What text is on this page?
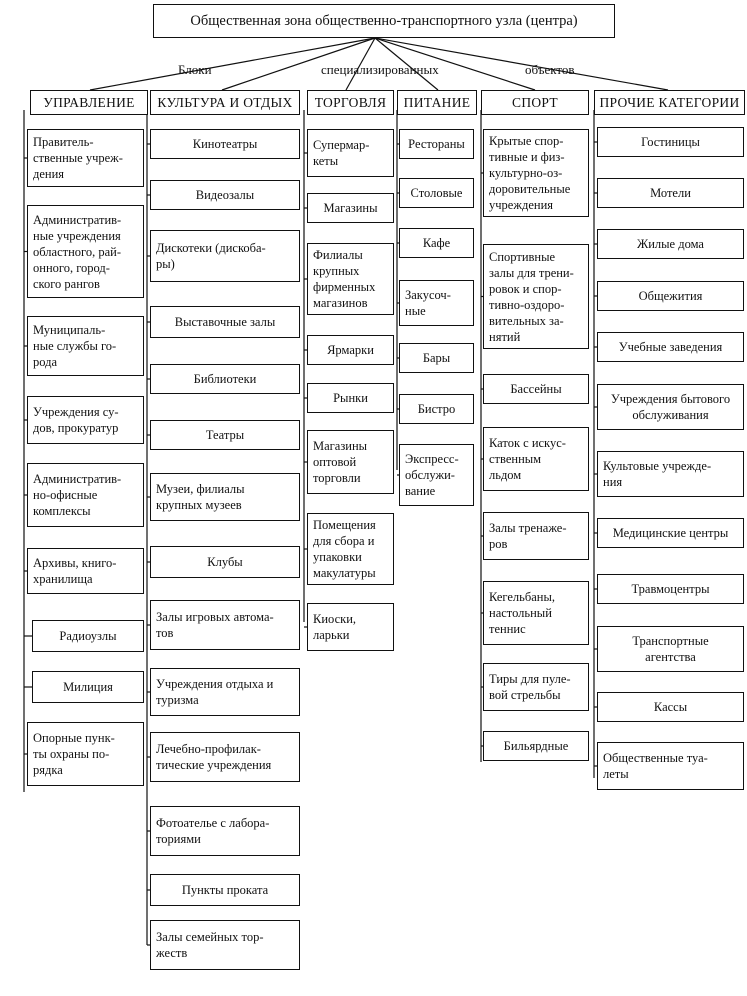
Общественная зона общественно-транспортного узла (центра)
Блоки	специализированных	объектов
УПРАВЛЕНИЕ	КУЛЬТУРА И ОТДЫХ	ТОРГОВЛЯ	ПИТАНИЕ	СПОРТ	ПРОЧИЕ КАТЕГОРИИ
Правитель-
ственные учреж-
дения
Административ-
ные учреждения
областного, рай-
онного, город-
ского рангов
Муниципаль-
ные службы го-
рода
Учреждения су-
дов, прокуратур
Административ-
но-офисные
комплексы
Архивы, книго-
хранилища
Радиоузлы
Милиция
Опорные пунк-
ты охраны по-
рядка
Кинотеатры
Видеозалы
Дискотеки (дискоба-
ры)
Выставочные залы
Библиотеки
Театры
Музеи, филиалы
крупных музеев
Клубы
Залы игровых автома-
тов
Учреждения отдыха и
туризма
Лечебно-профилак-
тические учреждения
Фотоателье с лабора-
ториями
Пункты проката
Залы семейных тор-
жеств
Супермар-
кеты
Магазины
Филиалы
крупных
фирменных
магазинов
Ярмарки
Рынки
Магазины
оптовой
торговли
Помещения
для сбора и
упаковки
макулатуры
Киоски,
ларьки
Рестораны
Столовые
Кафе
Закусоч-
ные
Бары
Бистро
Экспресс-
обслужи-
вание
Крытые спор-
тивные и физ-
культурно-оз-
доровительные
учреждения
Спортивные
залы для трени-
ровок и спор-
тивно-оздоро-
вительных за-
нятий
Бассейны
Каток с искус-
ственным
льдом
Залы тренаже-
ров
Кегельбаны,
настольный
теннис
Тиры для пуле-
вой стрельбы
Бильярдные
Гостиницы
Мотели
Жилые дома
Общежития
Учебные заведения
Учреждения бытового
обслуживания
Культовые учрежде-
ния
Медицинские центры
Травмоцентры
Транспортные
агентства
Кассы
Общественные туа-
леты
